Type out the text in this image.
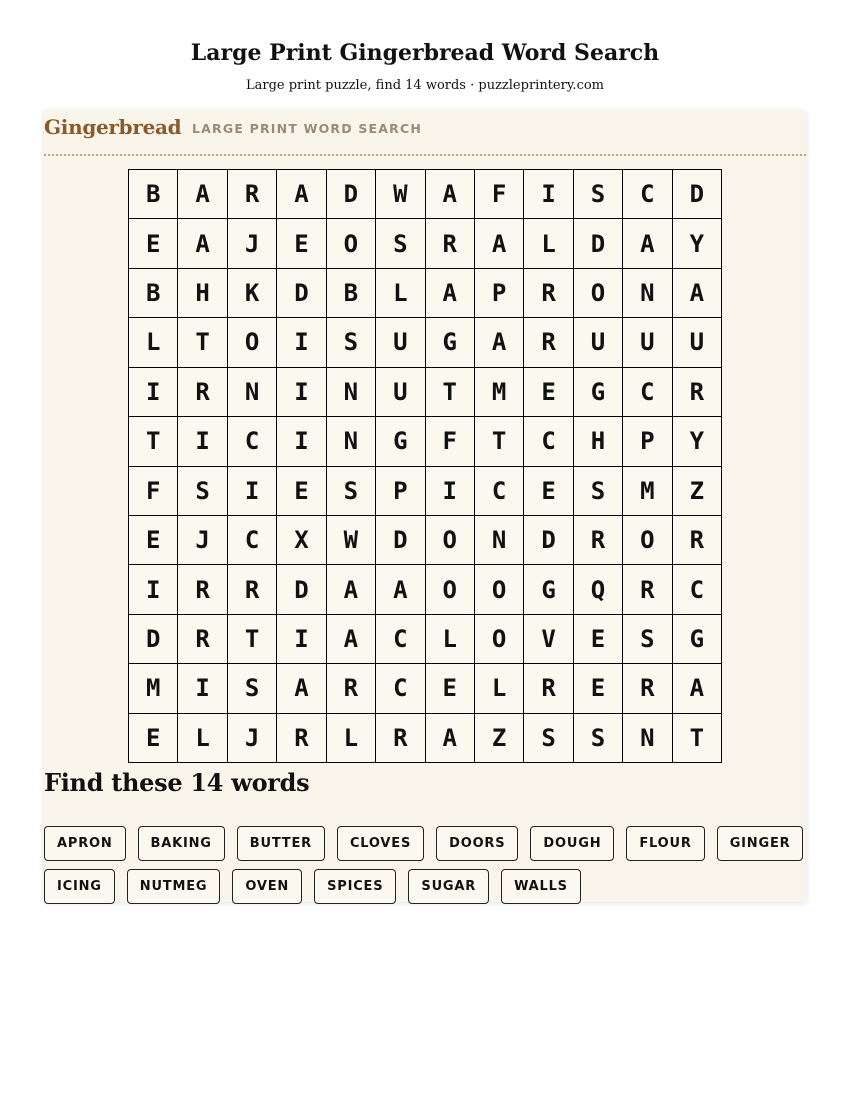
Large Print Gingerbread Word Search

Large print puzzle, find 14 words · puzzleprintery.com

Gingerbread LARGE PRINT WORD SEARCH
B	A	R	A	D	W	A	F	I	S	C	D
E	A	J	E	O	S	R	A	L	D	A	Y
B	H	K	D	B	L	A	P	R	O	N	A
L	T	O	I	S	U	G	A	R	U	U	U
I	R	N	I	N	U	T	M	E	G	C	R
T	I	C	I	N	G	F	T	C	H	P	Y
F	S	I	E	S	P	I	C	E	S	M	Z
E	J	C	X	W	D	O	N	D	R	O	R
I	R	R	D	A	A	O	O	G	Q	R	C
D	R	T	I	A	C	L	O	V	E	S	G
M	I	S	A	R	C	E	L	R	E	R	A
E	L	J	R	L	R	A	Z	S	S	N	T
Find these 14 words
APRON	BAKING	BUTTER	CLOVES	DOORS	DOUGH	FLOUR	GINGER
ICING	NUTMEG	OVEN	SPICES	SUGAR	WALLS
